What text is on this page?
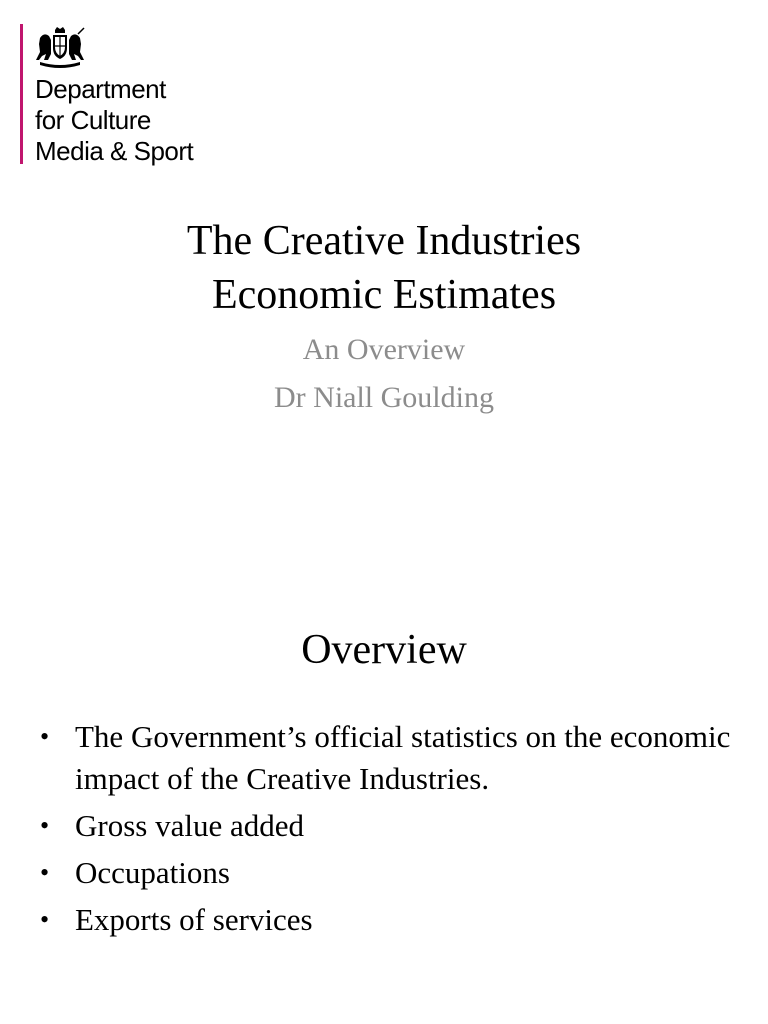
Department
for Culture
Media & Sport
The Creative Industries
Economic Estimates
An Overview
Dr Niall Goulding
Overview
• The Government’s official statistics on the economic impact of the Creative Industries.
• Gross value added
• Occupations
• Exports of services
